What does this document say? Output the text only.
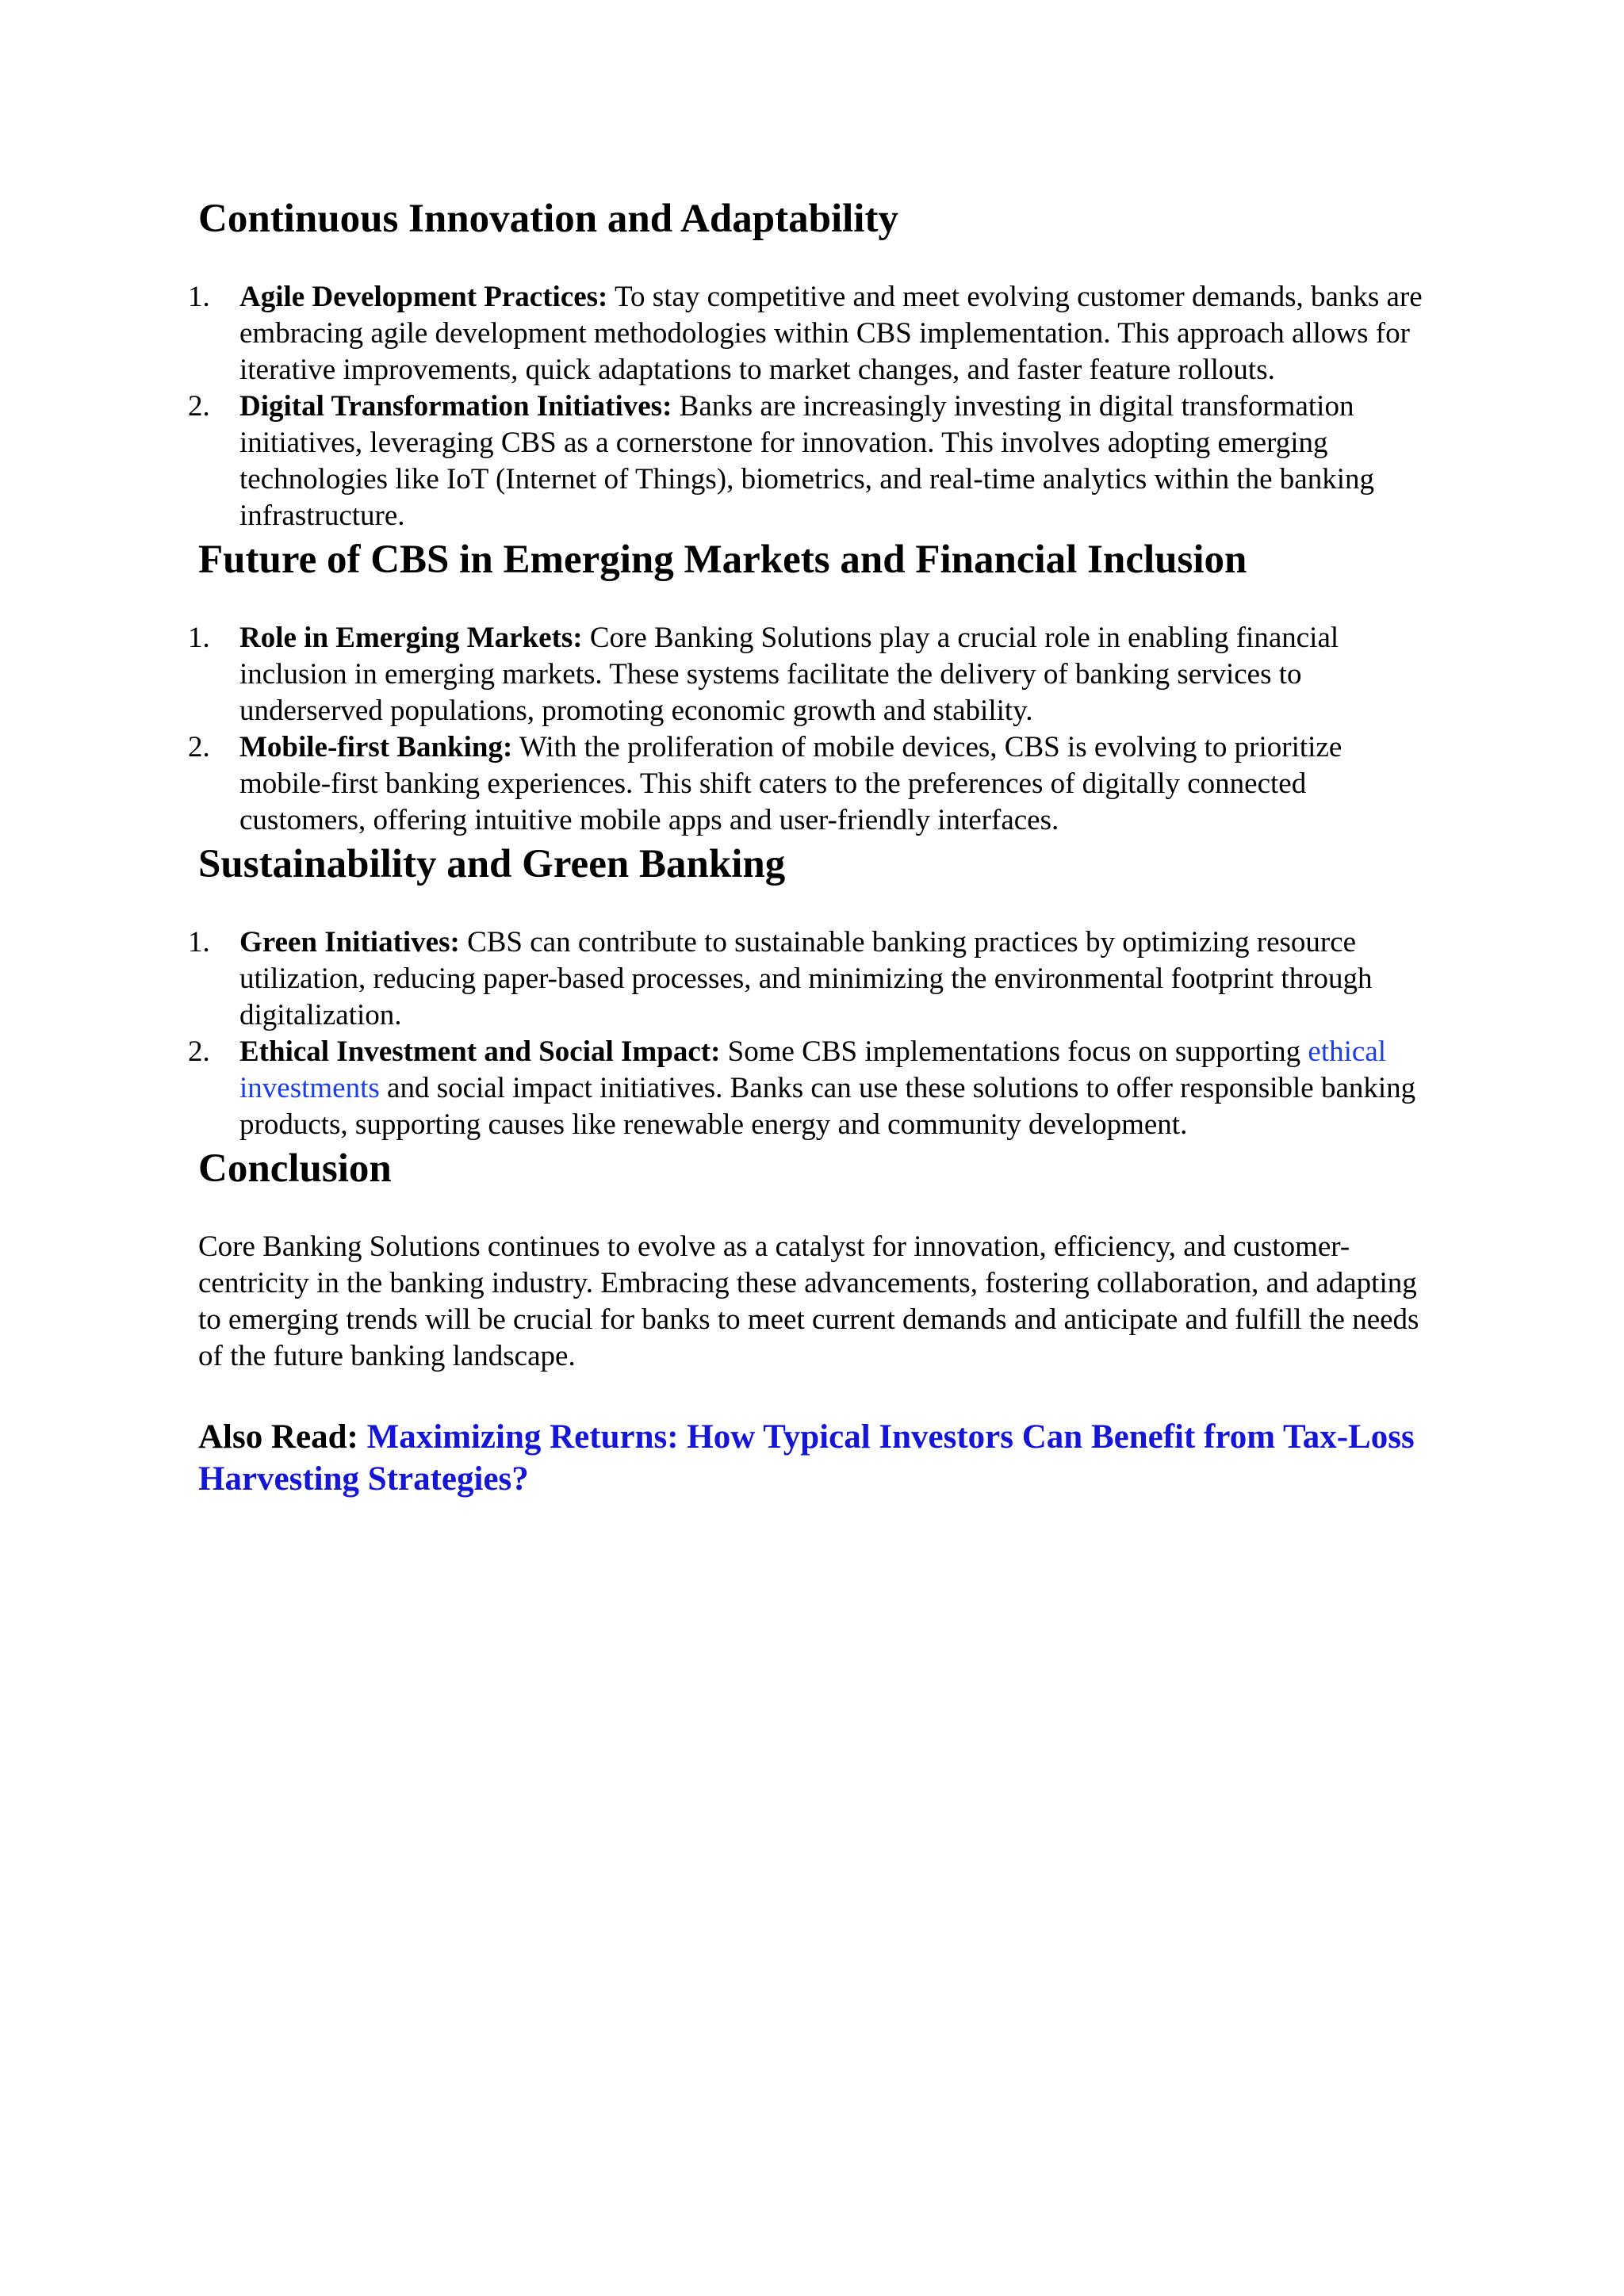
Continuous Innovation and Adaptability
1. Agile Development Practices: To stay competitive and meet evolving customer demands, banks are embracing agile development methodologies within CBS implementation. This approach allows for iterative improvements, quick adaptations to market changes, and faster feature rollouts.
2. Digital Transformation Initiatives: Banks are increasingly investing in digital transformation initiatives, leveraging CBS as a cornerstone for innovation. This involves adopting emerging technologies like IoT (Internet of Things), biometrics, and real-time analytics within the banking infrastructure.
Future of CBS in Emerging Markets and Financial Inclusion
1. Role in Emerging Markets: Core Banking Solutions play a crucial role in enabling financial inclusion in emerging markets. These systems facilitate the delivery of banking services to underserved populations, promoting economic growth and stability.
2. Mobile-first Banking: With the proliferation of mobile devices, CBS is evolving to prioritize mobile-first banking experiences. This shift caters to the preferences of digitally connected customers, offering intuitive mobile apps and user-friendly interfaces.
Sustainability and Green Banking
1. Green Initiatives: CBS can contribute to sustainable banking practices by optimizing resource utilization, reducing paper-based processes, and minimizing the environmental footprint through digitalization.
2. Ethical Investment and Social Impact: Some CBS implementations focus on supporting ethical investments and social impact initiatives. Banks can use these solutions to offer responsible banking products, supporting causes like renewable energy and community development.
Conclusion

Core Banking Solutions continues to evolve as a catalyst for innovation, efficiency, and customer-centricity in the banking industry. Embracing these advancements, fostering collaboration, and adapting to emerging trends will be crucial for banks to meet current demands and anticipate and fulfill the needs of the future banking landscape.

Also Read: Maximizing Returns: How Typical Investors Can Benefit from Tax-Loss Harvesting Strategies?
